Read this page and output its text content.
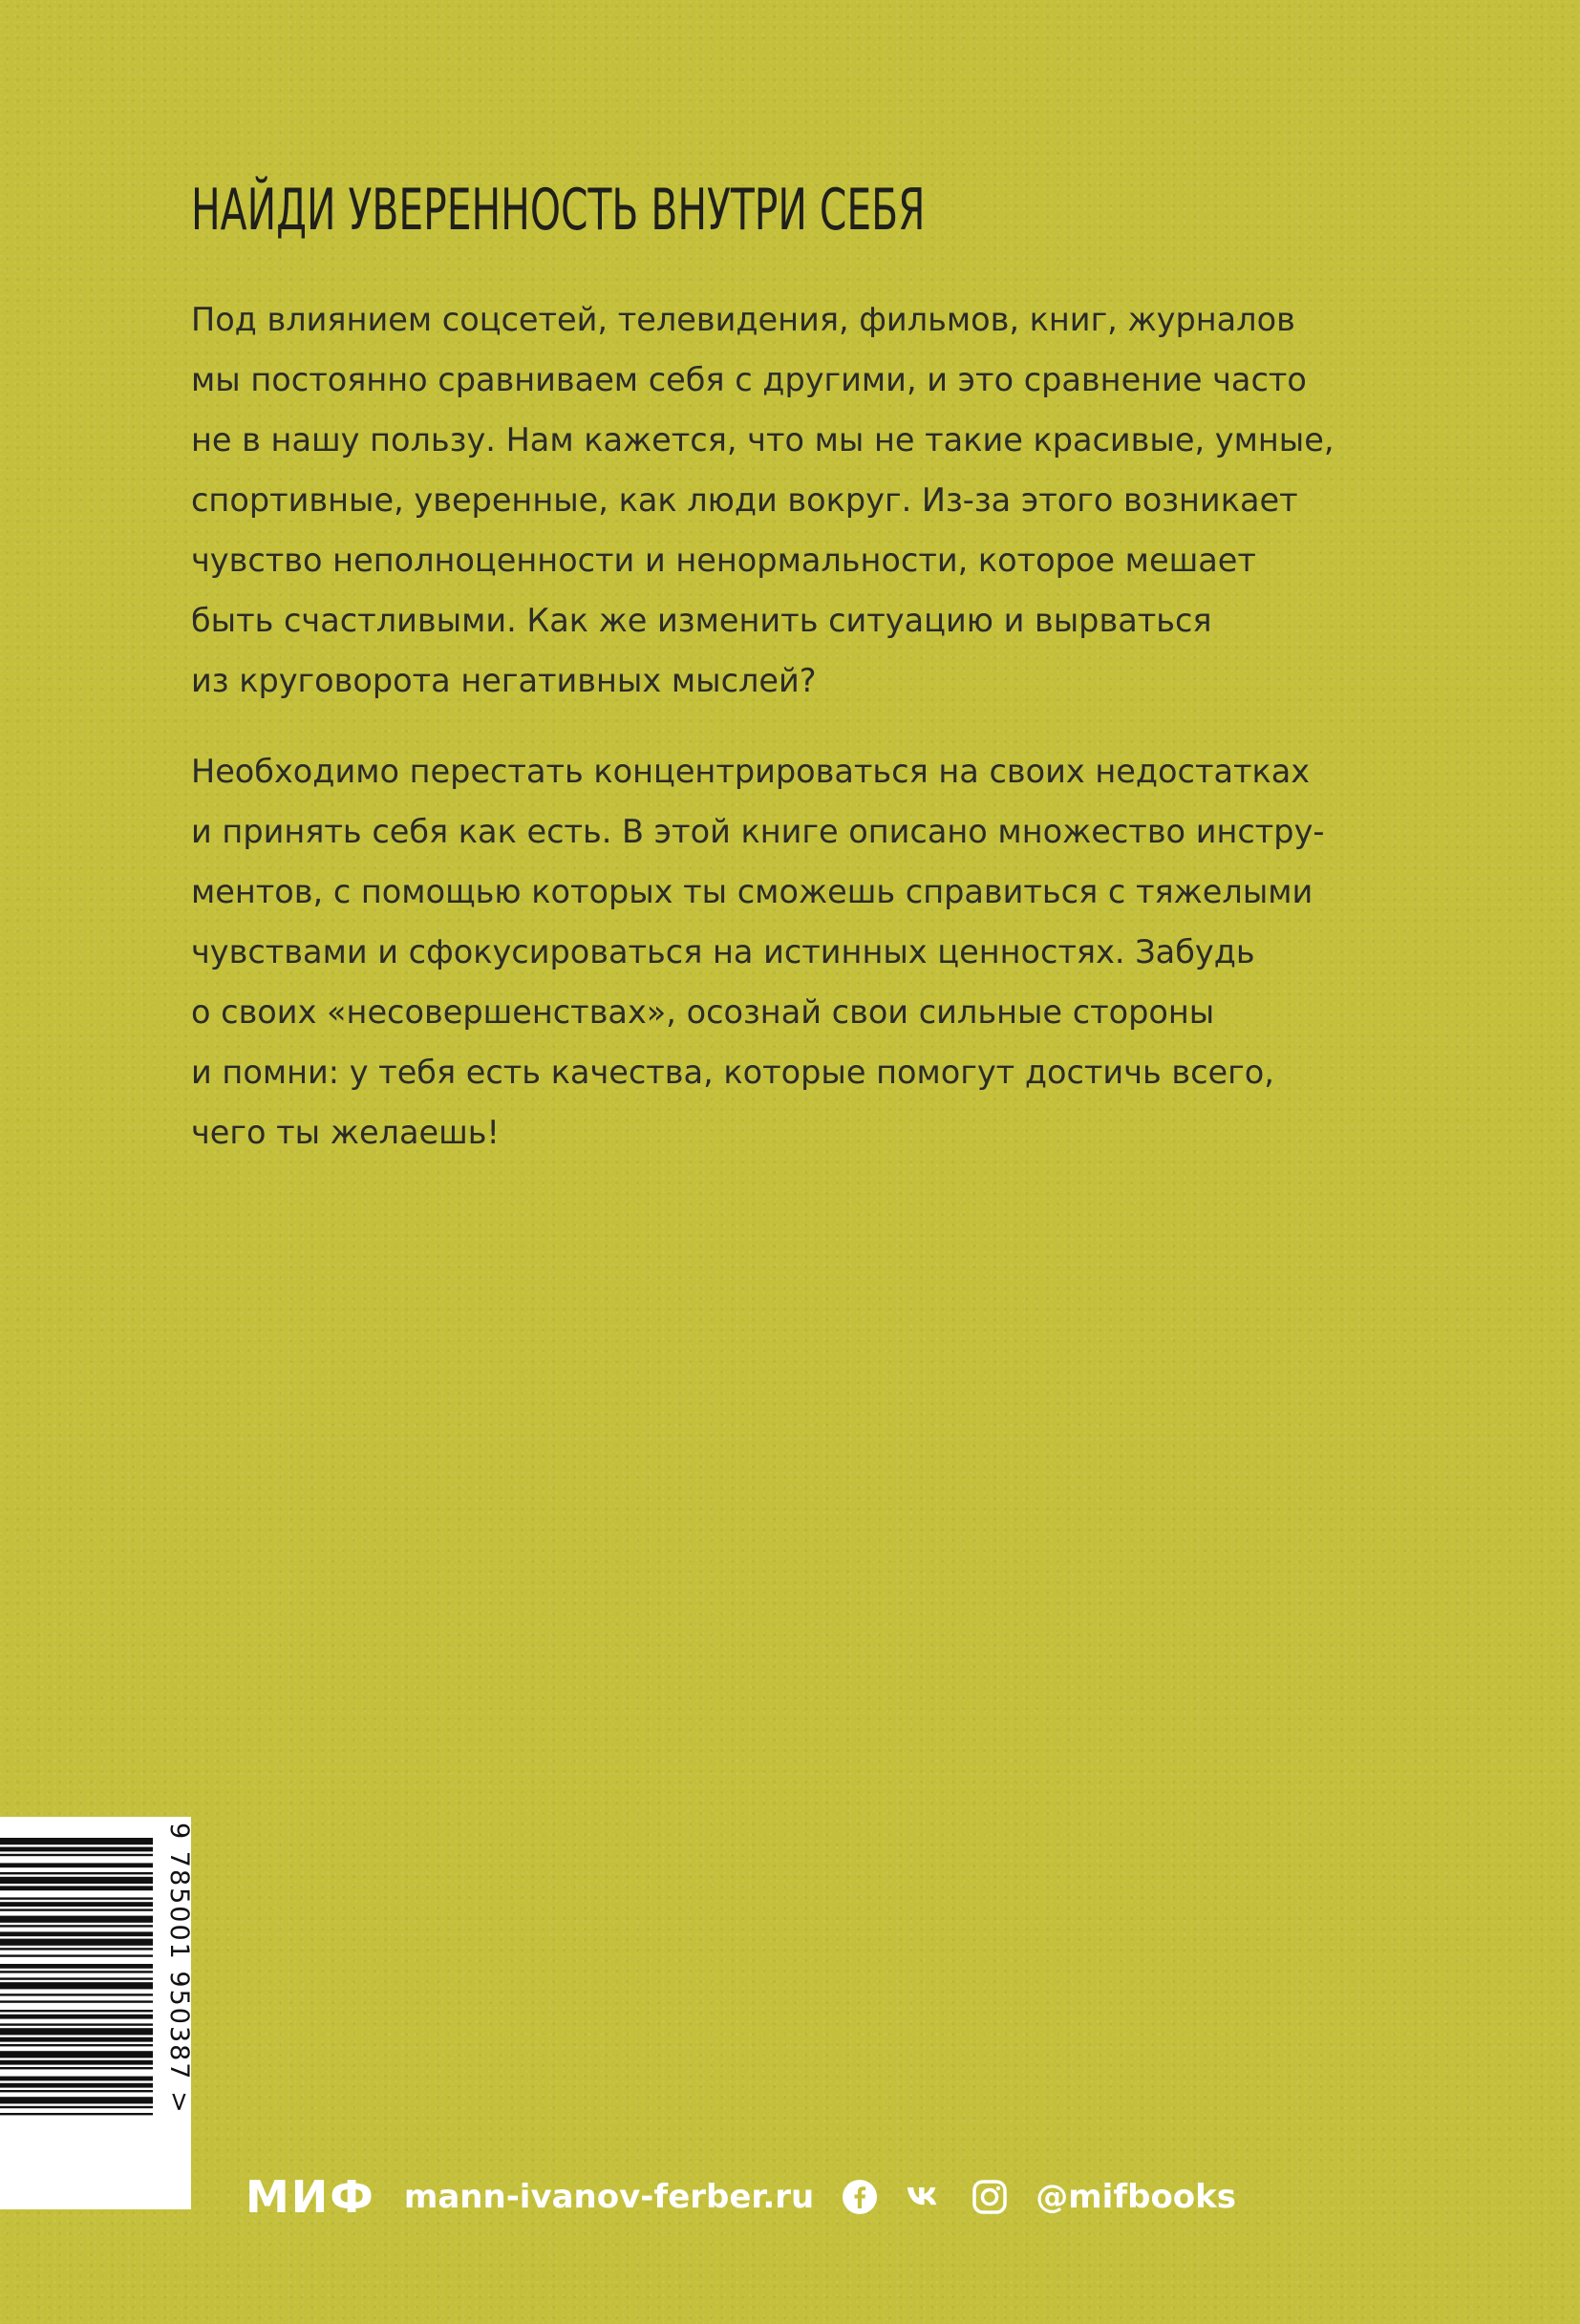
НАЙДИ УВЕРЕННОСТЬ ВНУТРИ СЕБЯ
Под влиянием соцсетей, телевидения, фильмов, книг, журналов
мы постоянно сравниваем себя с другими, и это сравнение часто
не в нашу пользу. Нам кажется, что мы не такие красивые, умные,
спортивные, уверенные, как люди вокруг. Из-за этого возникает
чувство неполноценности и ненормальности, которое мешает
быть счастливыми. Как же изменить ситуацию и вырваться
из круговорота негативных мыслей?
Необходимо перестать концентрироваться на своих недостатках
и принять себя как есть. В этой книге описано множество инстру-
ментов, с помощью которых ты сможешь справиться с тяжелыми
чувствами и сфокусироваться на истинных ценностях. Забудь
о своих «несовершенствах», осознай свои сильные стороны
и помни: у тебя есть качества, которые помогут достичь всего,
чего ты желаешь!
9 785001 950387 >
МИФ mann-ivanov-ferber.ru	@mifbooks
